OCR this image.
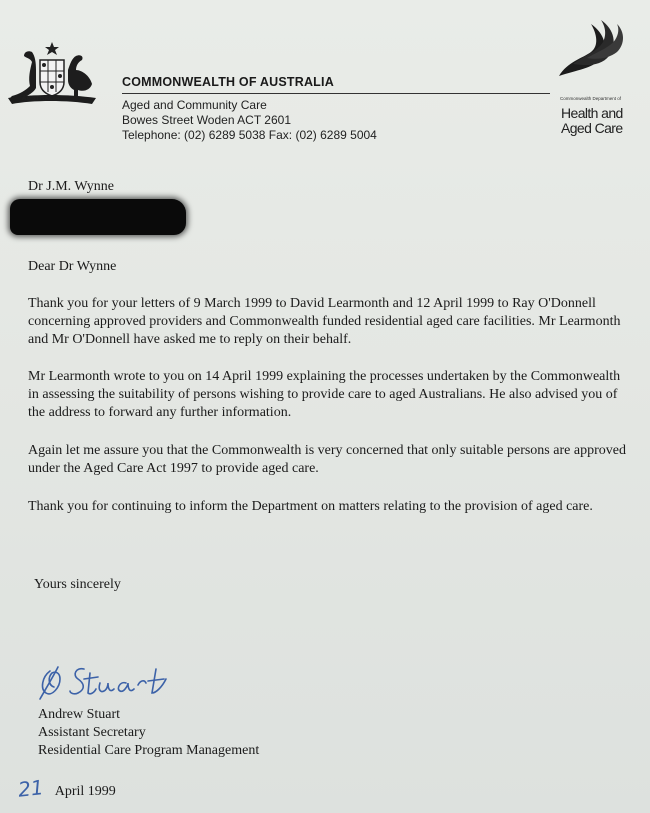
AUSTRALIA
COMMONWEALTH OF AUSTRALIA
Aged and Community Care
Bowes Street Woden ACT 2601
Telephone: (02) 6289 5038 Fax: (02) 6289 5004
Commonwealth Department of
Health and
Aged Care
Dr J.M. Wynne
Dear Dr Wynne
Thank you for your letters of 9 March 1999 to David Learmonth and 12 April 1999 to Ray O'Donnell concerning approved providers and Commonwealth funded residential aged care facilities. Mr Learmonth and Mr O'Donnell have asked me to reply on their behalf.
Mr Learmonth wrote to you on 14 April 1999 explaining the processes undertaken by the Commonwealth in assessing the suitability of persons wishing to provide care to aged Australians. He also advised you of the address to forward any further information.
Again let me assure you that the Commonwealth is very concerned that only suitable persons are approved under the Aged Care Act 1997 to provide aged care.
Thank you for continuing to inform the Department on matters relating to the provision of aged care.
Yours sincerely
Andrew Stuart
Assistant Secretary
Residential Care Program Management
21 April 1999
